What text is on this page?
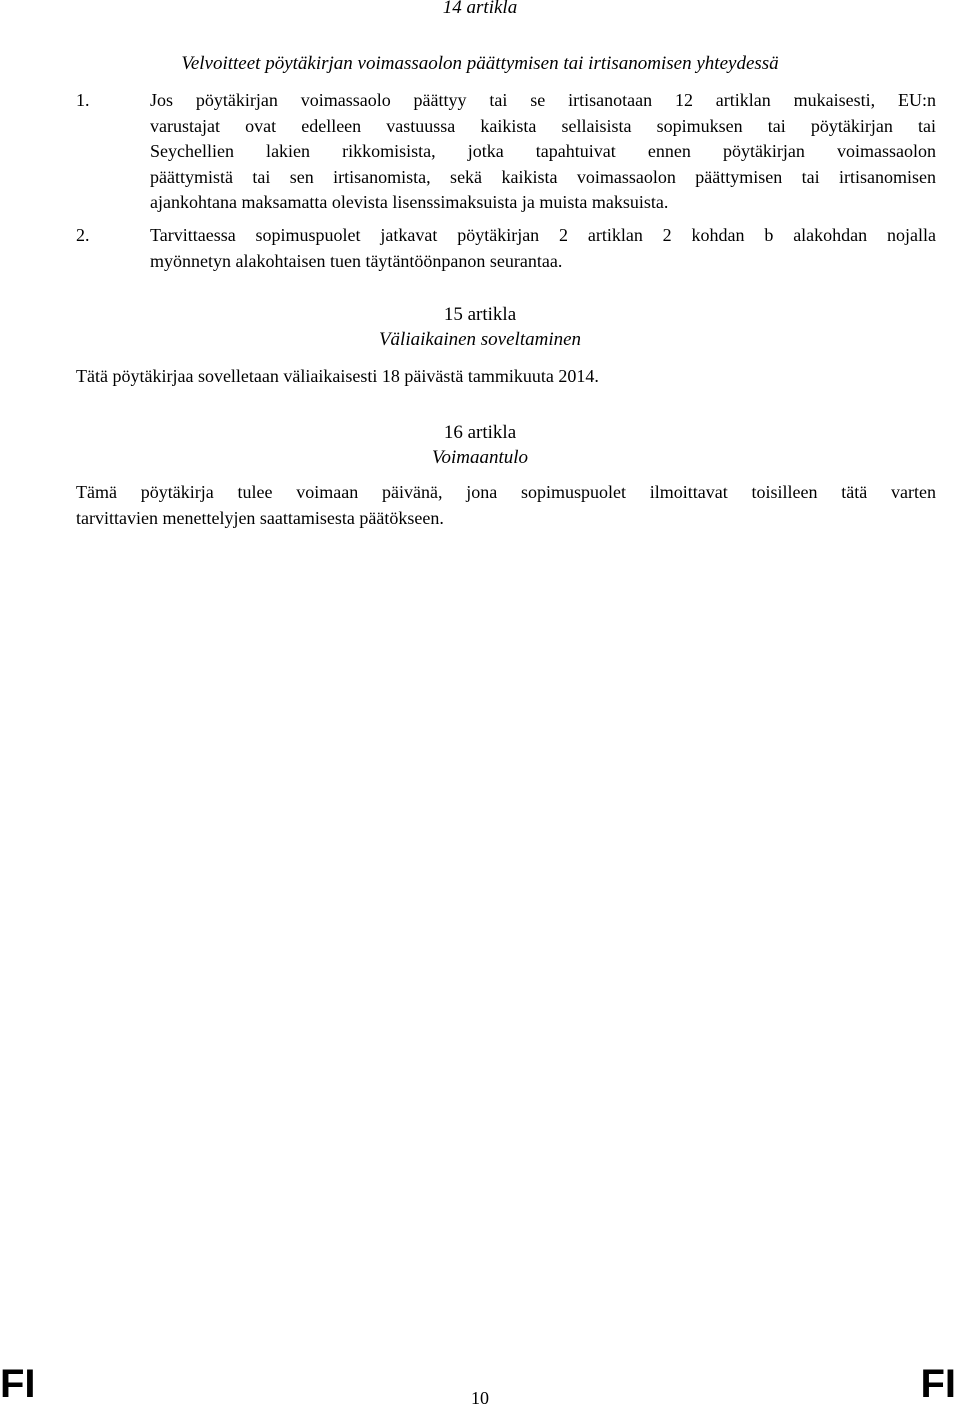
14 artikla
Velvoitteet pöytäkirjan voimassaolon päättymisen tai irtisanomisen yhteydessä
1.	Jos pöytäkirjan voimassaolo päättyy tai se irtisanotaan 12 artiklan mukaisesti, EU:n
varustajat ovat edelleen vastuussa kaikista sellaisista sopimuksen tai pöytäkirjan tai
Seychellien lakien rikkomisista, jotka tapahtuivat ennen pöytäkirjan voimassaolon
päättymistä tai sen irtisanomista, sekä kaikista voimassaolon päättymisen tai irtisanomisen
ajankohtana maksamatta olevista lisenssimaksuista ja muista maksuista.
2.	Tarvittaessa sopimuspuolet jatkavat pöytäkirjan 2 artiklan 2 kohdan b alakohdan nojalla
myönnetyn alakohtaisen tuen täytäntöönpanon seurantaa.
15 artikla
Väliaikainen soveltaminen
Tätä pöytäkirjaa sovelletaan väliaikaisesti 18 päivästä tammikuuta 2014.
16 artikla
Voimaantulo
Tämä pöytäkirja tulee voimaan päivänä, jona sopimuspuolet ilmoittavat toisilleen tätä varten
tarvittavien menettelyjen saattamisesta päätökseen.
FI	10	FI
